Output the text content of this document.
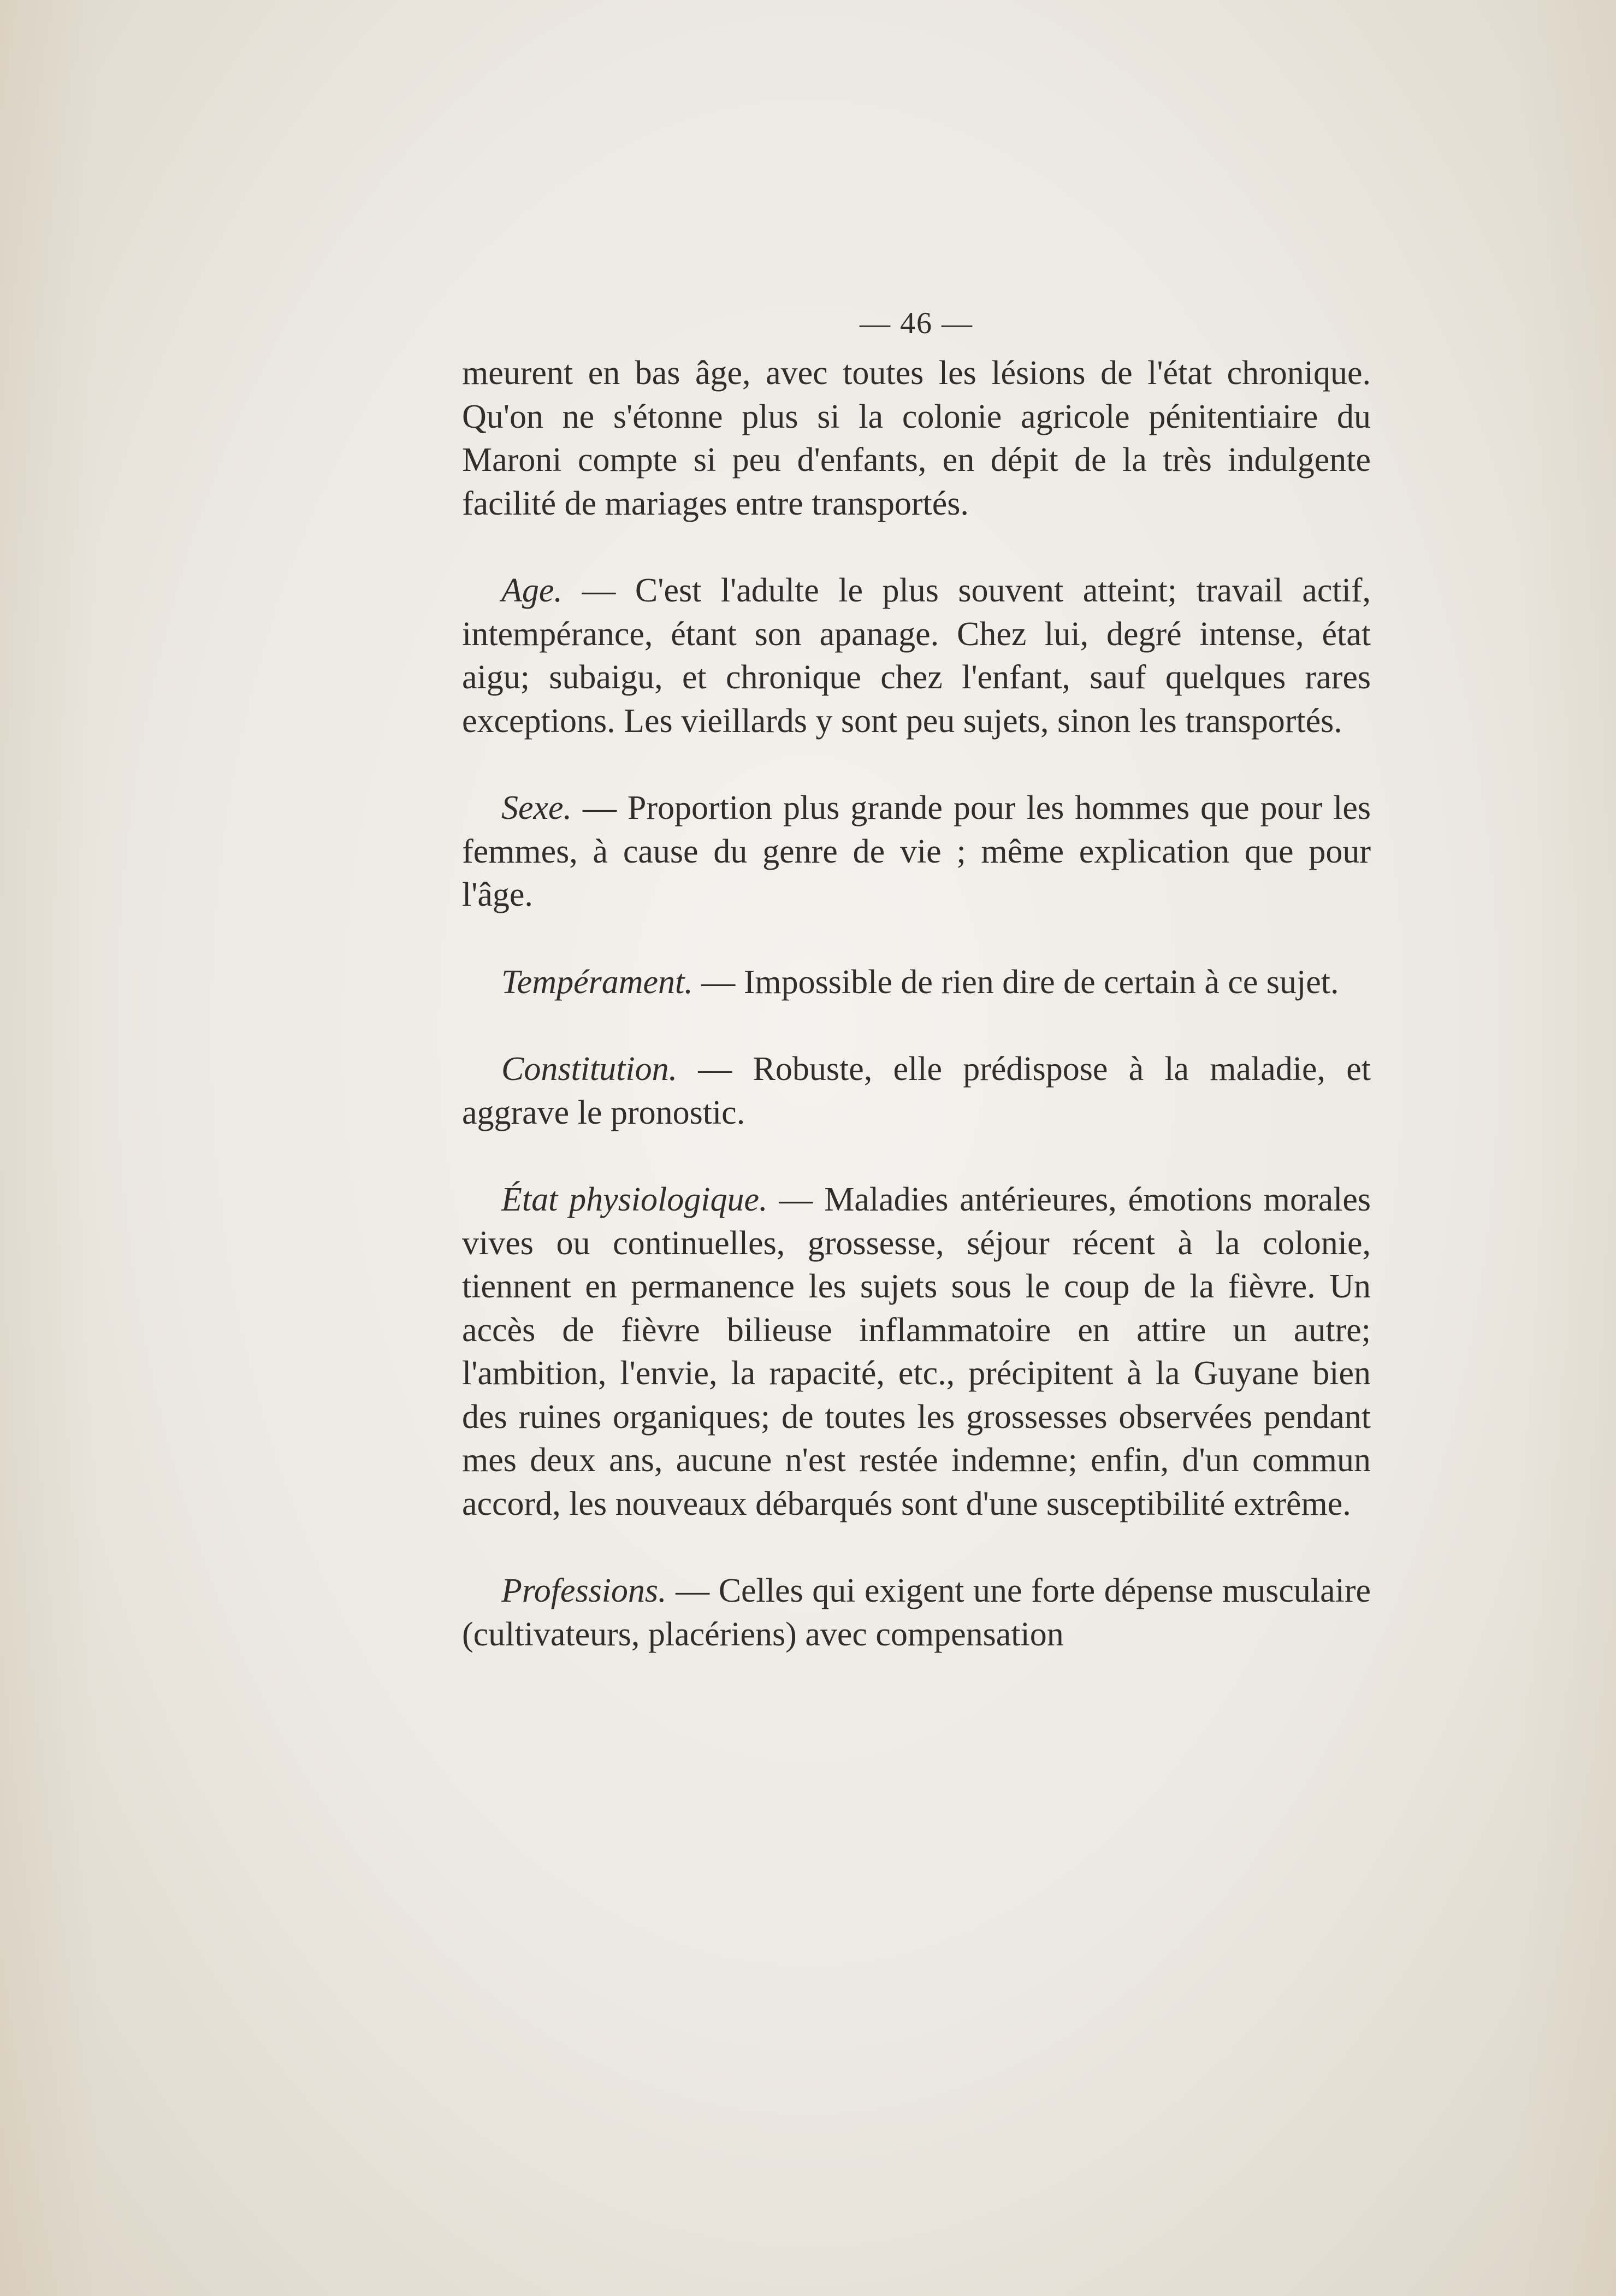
— 46 —

meurent en bas âge, avec toutes les lésions de l'état chronique. Qu'on ne s'étonne plus si la colonie agricole pénitentiaire du Maroni compte si peu d'enfants, en dépit de la très indulgente facilité de mariages entre transportés.

Age. — C'est l'adulte le plus souvent atteint; travail actif, intempérance, étant son apanage. Chez lui, degré intense, état aigu; subaigu, et chronique chez l'enfant, sauf quelques rares exceptions. Les vieillards y sont peu sujets, sinon les transportés.

Sexe. — Proportion plus grande pour les hommes que pour les femmes, à cause du genre de vie ; même explication que pour l'âge.

Tempérament. — Impossible de rien dire de certain à ce sujet.

Constitution. — Robuste, elle prédispose à la maladie, et aggrave le pronostic.

État physiologique. — Maladies antérieures, émotions morales vives ou continuelles, grossesse, séjour récent à la colonie, tiennent en permanence les sujets sous le coup de la fièvre. Un accès de fièvre bilieuse inflammatoire en attire un autre; l'ambition, l'envie, la rapacité, etc., précipitent à la Guyane bien des ruines organiques; de toutes les grossesses observées pendant mes deux ans, aucune n'est restée indemne; enfin, d'un commun accord, les nouveaux débarqués sont d'une susceptibilité extrême.

Professions. — Celles qui exigent une forte dépense musculaire (cultivateurs, placériens) avec compensation
